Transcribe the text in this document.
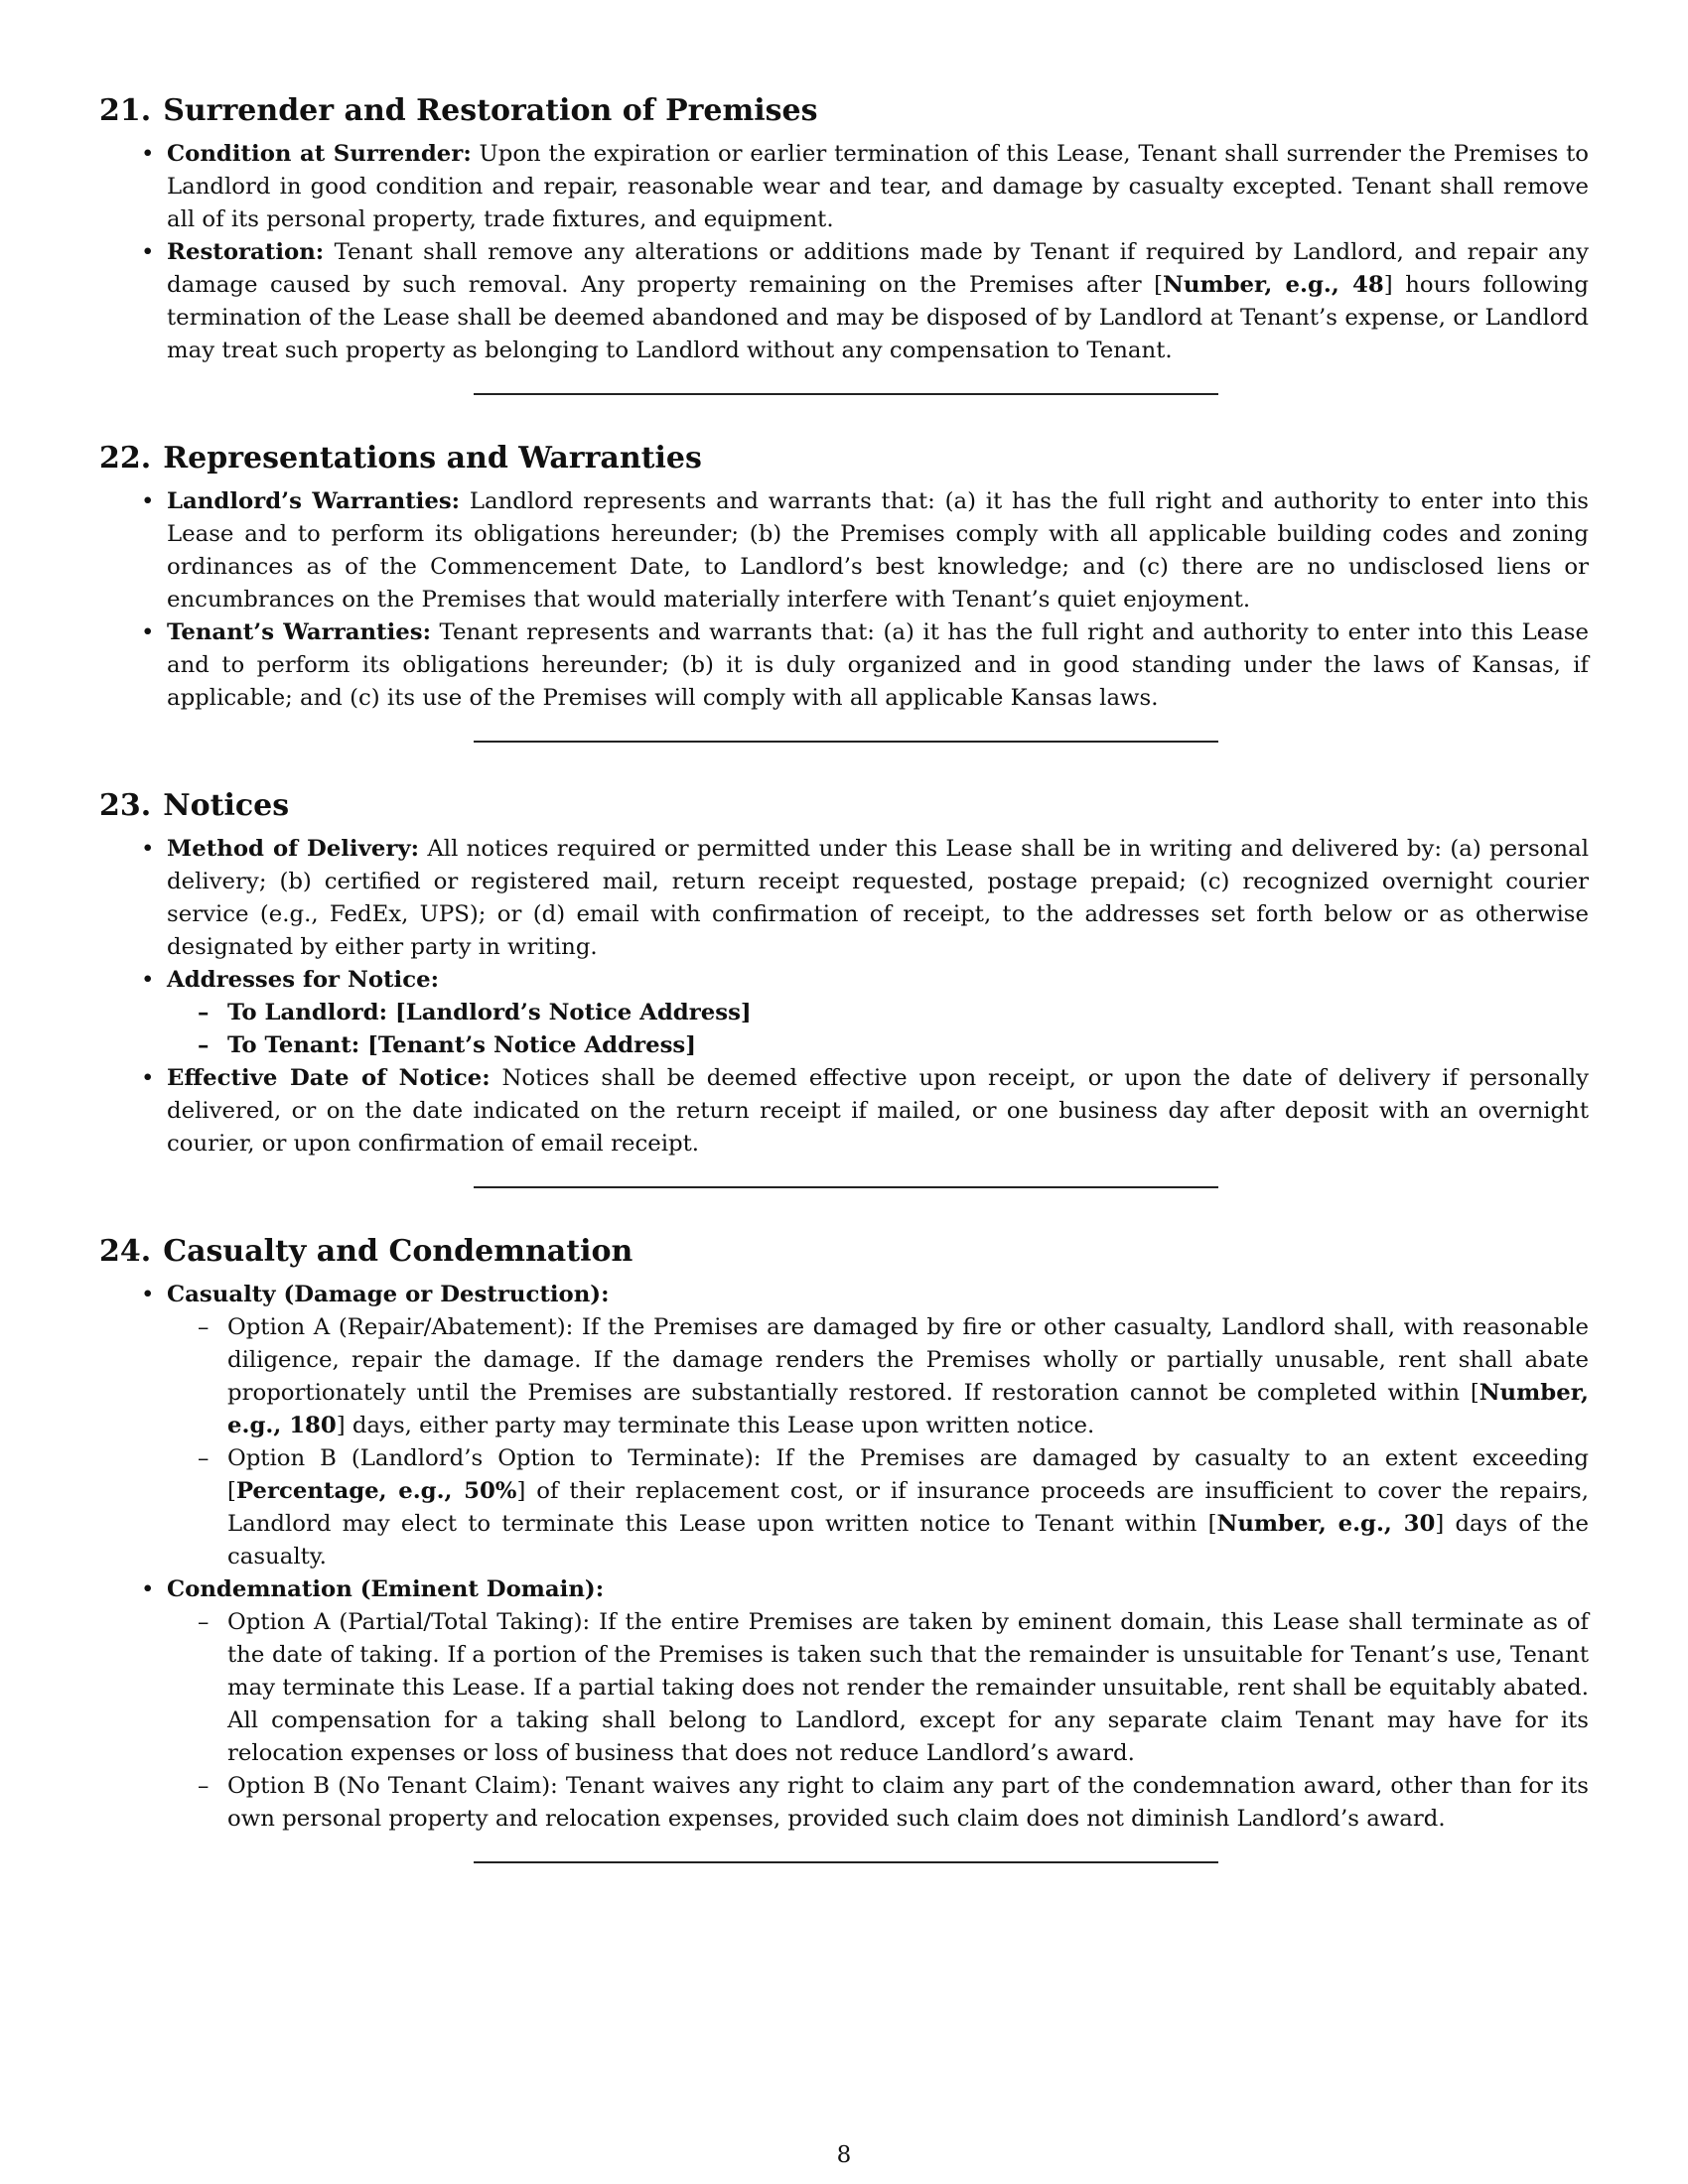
21. Surrender and Restoration of Premises
• Condition at Surrender: Upon the expiration or earlier termination of this Lease, Tenant shall surrender the Premises to Landlord in good condition and repair, reasonable wear and tear, and damage by casualty excepted. Tenant shall remove all of its personal property, trade fixtures, and equipment.
• Restoration: Tenant shall remove any alterations or additions made by Tenant if required by Landlord, and repair any damage caused by such removal. Any property remaining on the Premises after [Number, e.g., 48] hours following termination of the Lease shall be deemed abandoned and may be disposed of by Landlord at Tenant’s expense, or Landlord may treat such property as belonging to Landlord without any compensation to Tenant.
22. Representations and Warranties
• Landlord’s Warranties: Landlord represents and warrants that: (a) it has the full right and authority to enter into this Lease and to perform its obligations hereunder; (b) the Premises comply with all applicable building codes and zoning ordinances as of the Commencement Date, to Landlord’s best knowledge; and (c) there are no undisclosed liens or encumbrances on the Premises that would materially interfere with Tenant’s quiet enjoyment.
• Tenant’s Warranties: Tenant represents and warrants that: (a) it has the full right and authority to enter into this Lease and to perform its obligations hereunder; (b) it is duly organized and in good standing under the laws of Kansas, if applicable; and (c) its use of the Premises will comply with all applicable Kansas laws.
23. Notices
• Method of Delivery: All notices required or permitted under this Lease shall be in writing and delivered by: (a) personal delivery; (b) certified or registered mail, return receipt requested, postage prepaid; (c) recognized overnight courier service (e.g., FedEx, UPS); or (d) email with confirmation of receipt, to the addresses set forth below or as otherwise designated by either party in writing.
• Addresses for Notice:
– To Landlord: [Landlord’s Notice Address]
– To Tenant: [Tenant’s Notice Address]
• Effective Date of Notice: Notices shall be deemed effective upon receipt, or upon the date of delivery if personally delivered, or on the date indicated on the return receipt if mailed, or one business day after deposit with an overnight courier, or upon confirmation of email receipt.
24. Casualty and Condemnation
• Casualty (Damage or Destruction):
– Option A (Repair/Abatement): If the Premises are damaged by fire or other casualty, Landlord shall, with reasonable diligence, repair the damage. If the damage renders the Premises wholly or partially unusable, rent shall abate proportionately until the Premises are substantially restored. If restoration cannot be completed within [Number, e.g., 180] days, either party may terminate this Lease upon written notice.
– Option B (Landlord’s Option to Terminate): If the Premises are damaged by casualty to an extent exceeding [Percentage, e.g., 50%] of their replacement cost, or if insurance proceeds are insufficient to cover the repairs, Landlord may elect to terminate this Lease upon written notice to Tenant within [Number, e.g., 30] days of the casualty.
• Condemnation (Eminent Domain):
– Option A (Partial/Total Taking): If the entire Premises are taken by eminent domain, this Lease shall terminate as of the date of taking. If a portion of the Premises is taken such that the remainder is unsuitable for Tenant’s use, Tenant may terminate this Lease. If a partial taking does not render the remainder unsuitable, rent shall be equitably abated. All compensation for a taking shall belong to Landlord, except for any separate claim Tenant may have for its relocation expenses or loss of business that does not reduce Landlord’s award.
– Option B (No Tenant Claim): Tenant waives any right to claim any part of the condemnation award, other than for its own personal property and relocation expenses, provided such claim does not diminish Landlord’s award.
8
